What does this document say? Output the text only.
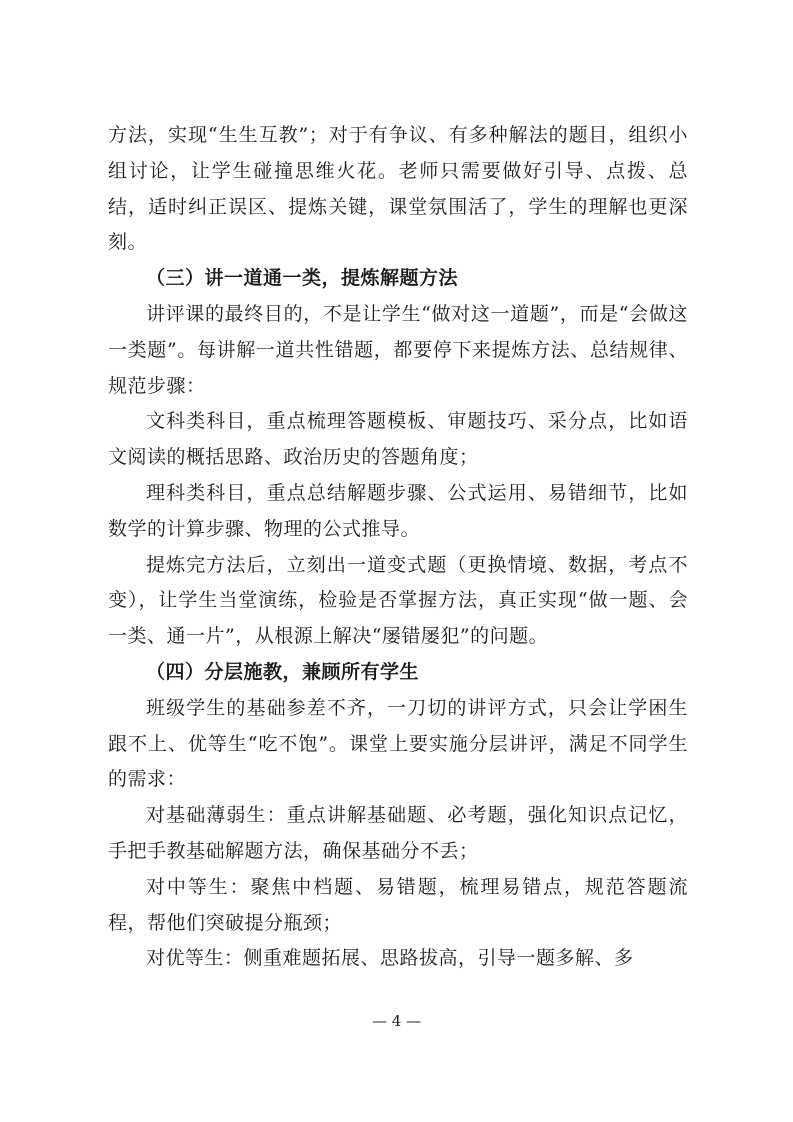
方法，实现“生生互教”；对于有争议、有多种解法的题目，组织小组讨论，让学生碰撞思维火花。老师只需要做好引导、点拨、总结，适时纠正误区、提炼关键，课堂氛围活了，学生的理解也更深刻。

（三）讲一道通一类，提炼解题方法

讲评课的最终目的，不是让学生“做对这一道题”，而是“会做这一类题”。每讲解一道共性错题，都要停下来提炼方法、总结规律、规范步骤：

文科类科目，重点梳理答题模板、审题技巧、采分点，比如语文阅读的概括思路、政治历史的答题角度；

理科类科目，重点总结解题步骤、公式运用、易错细节，比如数学的计算步骤、物理的公式推导。

提炼完方法后，立刻出一道变式题（更换情境、数据，考点不变），让学生当堂演练，检验是否掌握方法，真正实现“做一题、会一类、通一片”，从根源上解决“屡错屡犯”的问题。

（四）分层施教，兼顾所有学生

班级学生的基础参差不齐，一刀切的讲评方式，只会让学困生跟不上、优等生“吃不饱”。课堂上要实施分层讲评，满足不同学生的需求：

对基础薄弱生：重点讲解基础题、必考题，强化知识点记忆，手把手教基础解题方法，确保基础分不丢；

对中等生：聚焦中档题、易错题，梳理易错点，规范答题流程，帮他们突破提分瓶颈；

对优等生：侧重难题拓展、思路拔高，引导一题多解、多

— 4 —
